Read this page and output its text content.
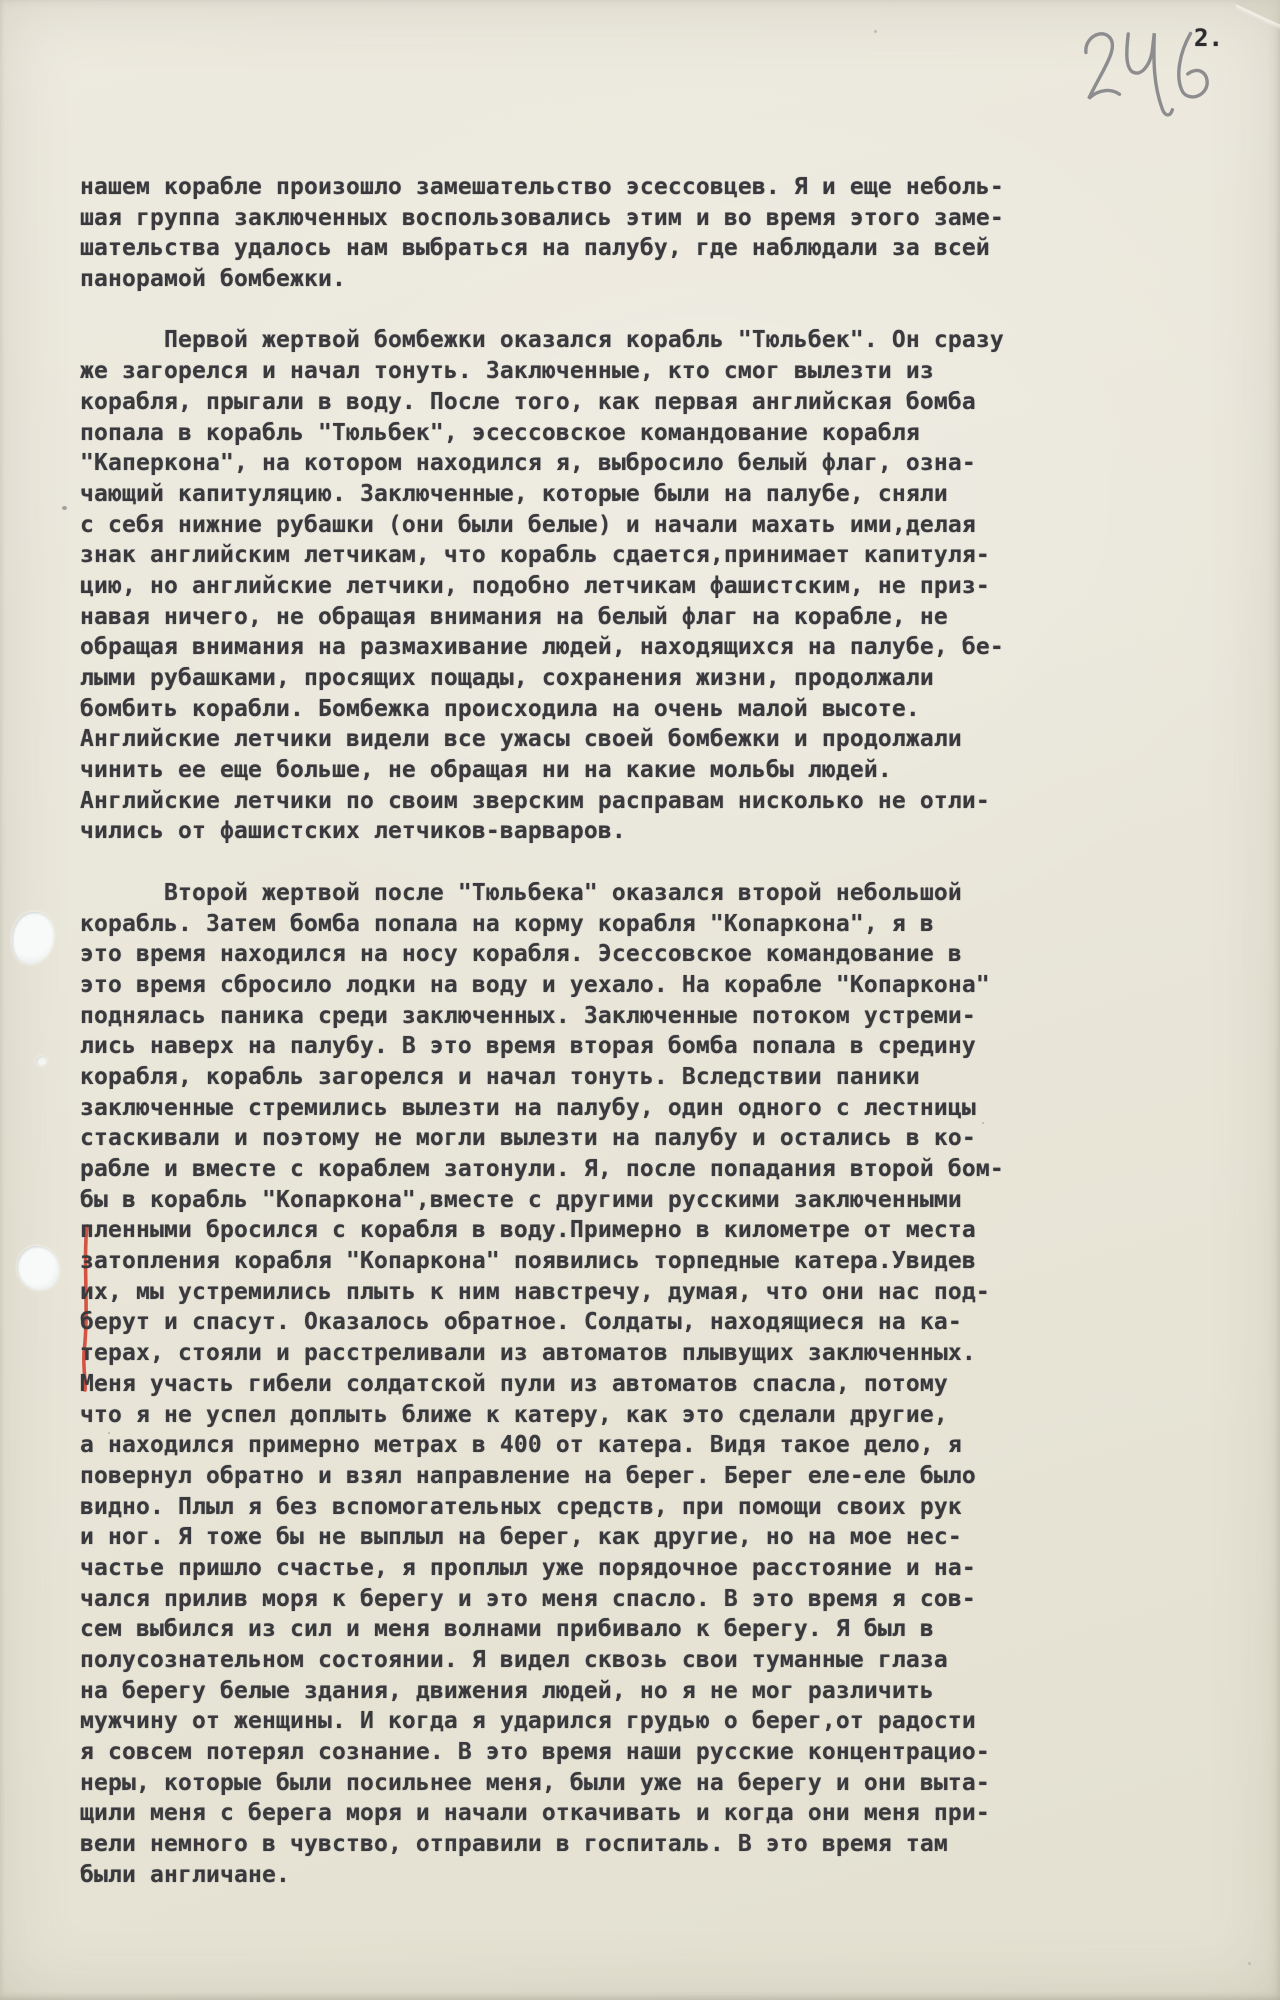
2.
нашем корабле произошло замешательство эсессовцев. Я и еще неболь-
шая группа заключенных воспользовались этим и во время этого заме-
шательства удалось нам выбраться на палубу, где наблюдали за всей
панорамой бомбежки.
Первой жертвой бомбежки оказался корабль "Тюльбек". Он сразу
же загорелся и начал тонуть. Заключенные, кто смог вылезти из
корабля, прыгали в воду. После того, как первая английская бомба
попала в корабль "Тюльбек", эсессовское командование корабля
"Каперкона", на котором находился я, выбросило белый флаг, озна-
чающий капитуляцию. Заключенные, которые были на палубе, сняли
с себя нижние рубашки (они были белые) и начали махать ими,делая
знак английским летчикам, что корабль сдается,принимает капитуля-
цию, но английские летчики, подобно летчикам фашистским, не приз-
навая ничего, не обращая внимания на белый флаг на корабле, не
обращая внимания на размахивание людей, находящихся на палубе, бе-
лыми рубашками, просящих пощады, сохранения жизни, продолжали
бомбить корабли. Бомбежка происходила на очень малой высоте.
Английские летчики видели все ужасы своей бомбежки и продолжали
чинить ее еще больше, не обращая ни на какие мольбы людей.
Английские летчики по своим зверским расправам нисколько не отли-
чились от фашистских летчиков-варваров.
Второй жертвой после "Тюльбека" оказался второй небольшой
корабль. Затем бомба попала на корму корабля "Копаркона", я в
это время находился на носу корабля. Эсессовское командование в
это время сбросило лодки на воду и уехало. На корабле "Копаркона"
поднялась паника среди заключенных. Заключенные потоком устреми-
лись наверх на палубу. В это время вторая бомба попала в средину
корабля, корабль загорелся и начал тонуть. Вследствии паники
заключенные стремились вылезти на палубу, один одного с лестницы
стаскивали и поэтому не могли вылезти на палубу и остались в ко-
рабле и вместе с кораблем затонули. Я, после попадания второй бом-
бы в корабль "Копаркона",вместе с другими русскими заключенными
пленными бросился с корабля в воду.Примерно в километре от места
затопления корабля "Копаркона" появились торпедные катера.Увидев
их, мы устремились плыть к ним навстречу, думая, что они нас под-
берут и спасут. Оказалось обратное. Солдаты, находящиеся на ка-
терах, стояли и расстреливали из автоматов плывущих заключенных.
Меня участь гибели солдатской пули из автоматов спасла, потому
что я не успел доплыть ближе к катеру, как это сделали другие,
а находился примерно метрах в 400 от катера. Видя такое дело, я
повернул обратно и взял направление на берег. Берег еле-еле было
видно. Плыл я без вспомогательных средств, при помощи своих рук
и ног. Я тоже бы не выплыл на берег, как другие, но на мое нес-
частье пришло счастье, я проплыл уже порядочное расстояние и на-
чался прилив моря к берегу и это меня спасло. В это время я сов-
сем выбился из сил и меня волнами прибивало к берегу. Я был в
полусознательном состоянии. Я видел сквозь свои туманные глаза
на берегу белые здания, движения людей, но я не мог различить
мужчину от женщины. И когда я ударился грудью о берег,от радости
я совсем потерял сознание. В это время наши русские концентрацио-
неры, которые были посильнее меня, были уже на берегу и они выта-
щили меня с берега моря и начали откачивать и когда они меня при-
вели немного в чувство, отправили в госпиталь. В это время там
были англичане.
